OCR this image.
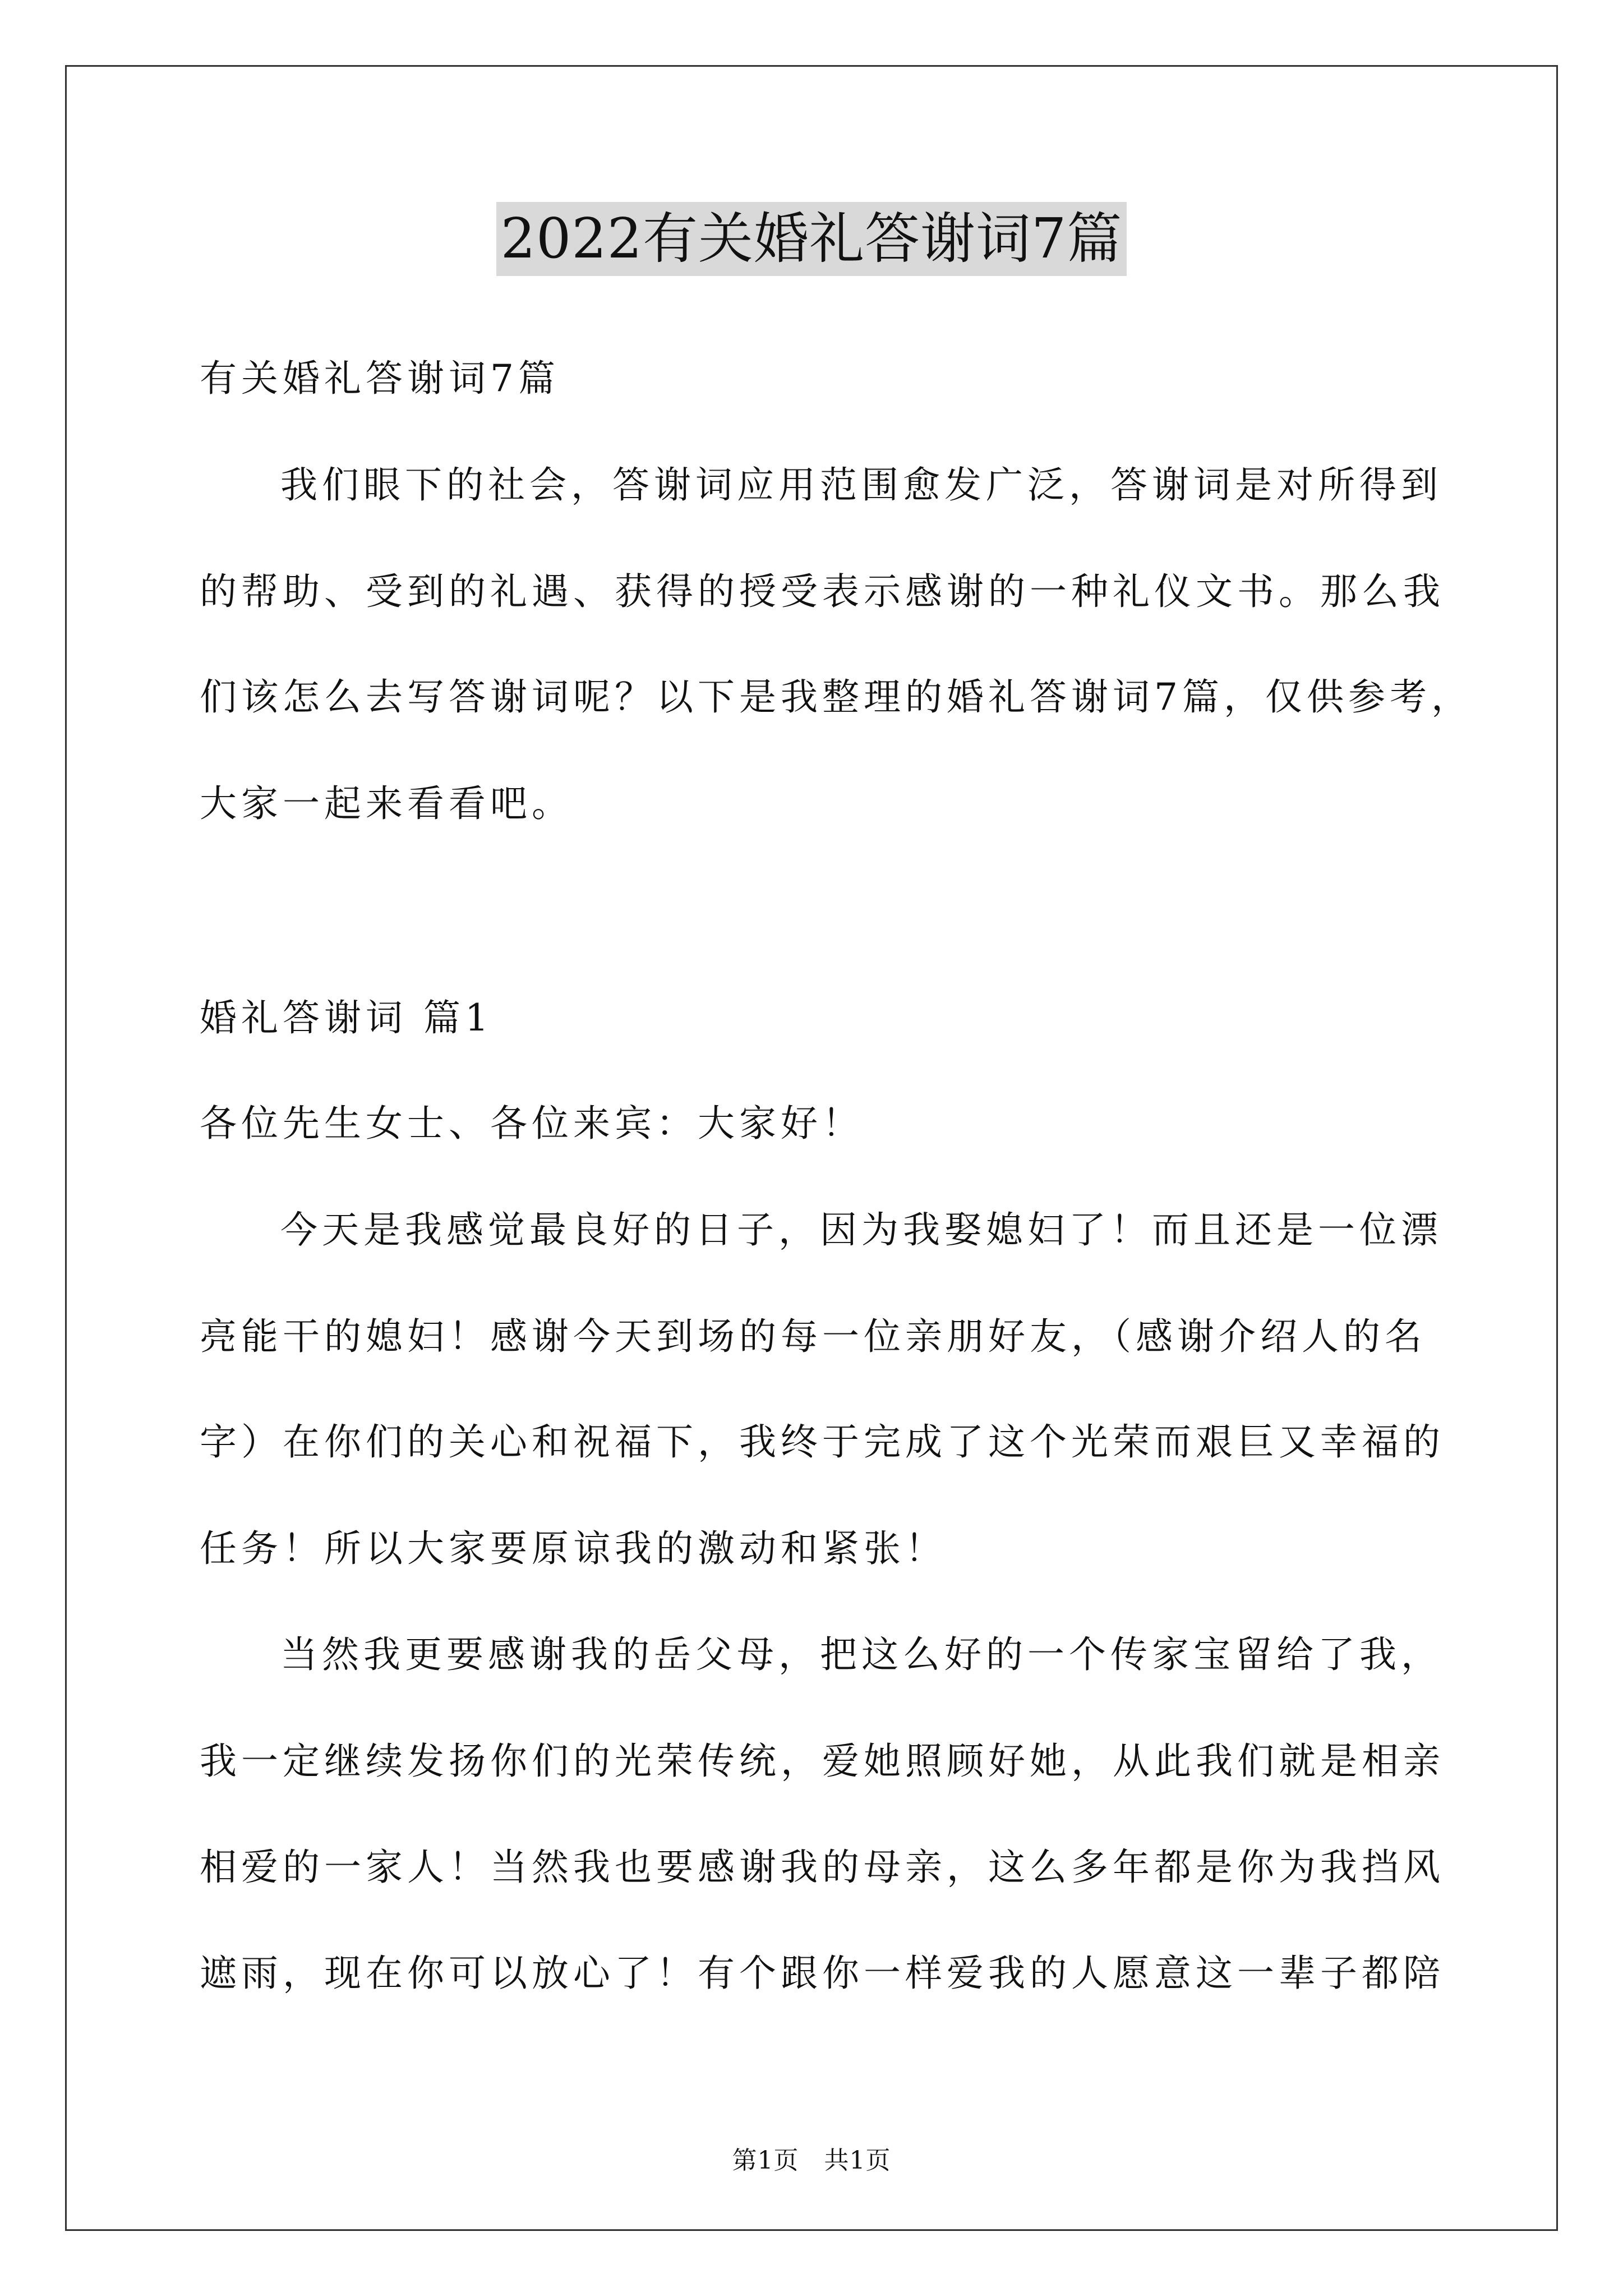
2022有关婚礼答谢词7篇
有关婚礼答谢词7篇
我们眼下的社会，答谢词应用范围愈发广泛，答谢词是对所得到
的帮助、受到的礼遇、获得的授受表示感谢的一种礼仪文书。那么我
们该怎么去写答谢词呢？以下是我整理的婚礼答谢词7篇，仅供参考，
大家一起来看看吧。
婚礼答谢词 篇1
各位先生女士、各位来宾：大家好！
今天是我感觉最良好的日子，因为我娶媳妇了！而且还是一位漂
亮能干的媳妇！感谢今天到场的每一位亲朋好友，（感谢介绍人的名
字）在你们的关心和祝福下，我终于完成了这个光荣而艰巨又幸福的
任务！所以大家要原谅我的激动和紧张！
当然我更要感谢我的岳父母，把这么好的一个传家宝留给了我，
我一定继续发扬你们的光荣传统，爱她照顾好她，从此我们就是相亲
相爱的一家人！当然我也要感谢我的母亲，这么多年都是你为我挡风
遮雨，现在你可以放心了！有个跟你一样爱我的人愿意这一辈子都陪
第1页　共1页
